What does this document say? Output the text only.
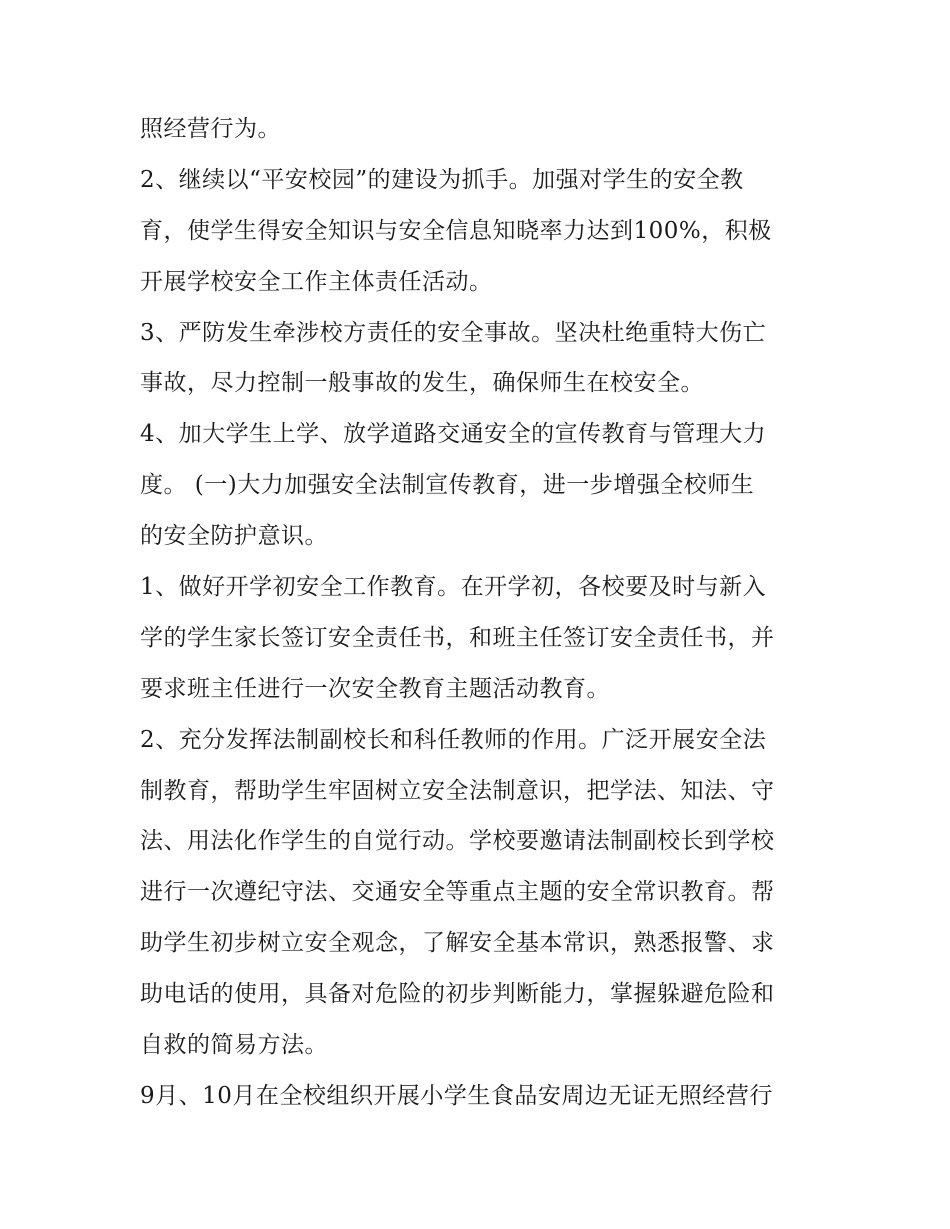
照经营行为。
2、继续以“平安校园”的建设为抓手。加强对学生的安全教
育，使学生得安全知识与安全信息知晓率力达到100%，积极
开展学校安全工作主体责任活动。
3、严防发生牵涉校方责任的安全事故。坚决杜绝重特大伤亡
事故，尽力控制一般事故的发生，确保师生在校安全。
4、加大学生上学、放学道路交通安全的宣传教育与管理大力
度。 (一)大力加强安全法制宣传教育，进一步增强全校师生
的安全防护意识。
1、做好开学初安全工作教育。在开学初，各校要及时与新入
学的学生家长签订安全责任书，和班主任签订安全责任书，并
要求班主任进行一次安全教育主题活动教育。
2、充分发挥法制副校长和科任教师的作用。广泛开展安全法
制教育，帮助学生牢固树立安全法制意识，把学法、知法、守
法、用法化作学生的自觉行动。学校要邀请法制副校长到学校
进行一次遵纪守法、交通安全等重点主题的安全常识教育。帮
助学生初步树立安全观念，了解安全基本常识，熟悉报警、求
助电话的使用，具备对危险的初步判断能力，掌握躲避危险和
自救的简易方法。
9月、10月在全校组织开展小学生食品安周边无证无照经营行
